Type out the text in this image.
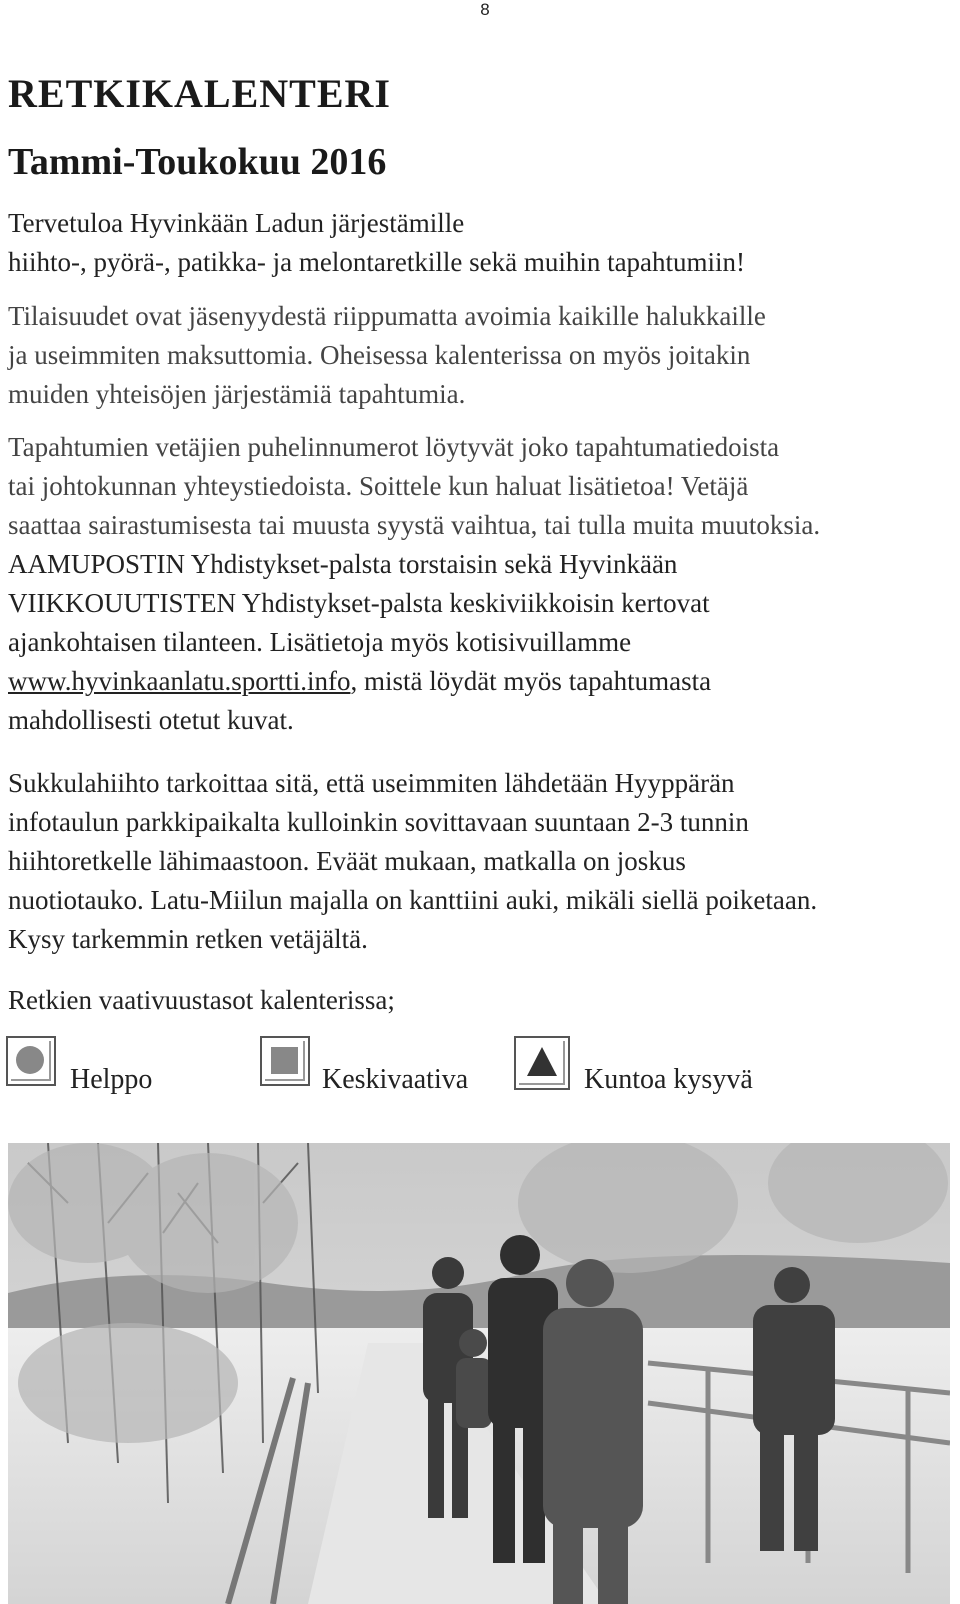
8
RETKIKALENTERI
Tammi-Toukokuu 2016

Tervetuloa Hyvinkään Ladun järjestämille
hiihto-, pyörä-, patikka- ja melontaretkille sekä muihin tapahtumiin!

Tilaisuudet ovat jäsenyydestä riippumatta avoimia kaikille halukkaille
ja useimmiten maksuttomia. Oheisessa kalenterissa on myös joitakin
muiden yhteisöjen järjestämiä tapahtumia.

Tapahtumien vetäjien puhelinnumerot löytyvät joko tapahtumatiedoista
tai johtokunnan yhteystiedoista. Soittele kun haluat lisätietoa! Vetäjä
saattaa sairastumisesta tai muusta syystä vaihtua, tai tulla muita muutoksia.
AAMUPOSTIN Yhdistykset-palsta torstaisin sekä Hyvinkään
VIIKKOUUTISTEN Yhdistykset-palsta keskiviikkoisin kertovat
ajankohtaisen tilanteen. Lisätietoja myös kotisivuillamme
www.hyvinkaanlatu.sportti.info, mistä löydät myös tapahtumasta
mahdollisesti otetut kuvat.

Sukkulahiihto tarkoittaa sitä, että useimmiten lähdetään Hyyppärän
infotaulun parkkipaikalta kulloinkin sovittavaan suuntaan 2-3 tunnin
hiihtoretkelle lähimaastoon. Eväät mukaan, matkalla on joskus
nuotiotauko. Latu-Miilun majalla on kanttiini auki, mikäli siellä poiketaan.
Kysy tarkemmin retken vetäjältä.

Retkien vaativuustasot kalenterissa;

Helppo	Keskivaativa	Kuntoa kysyvä
